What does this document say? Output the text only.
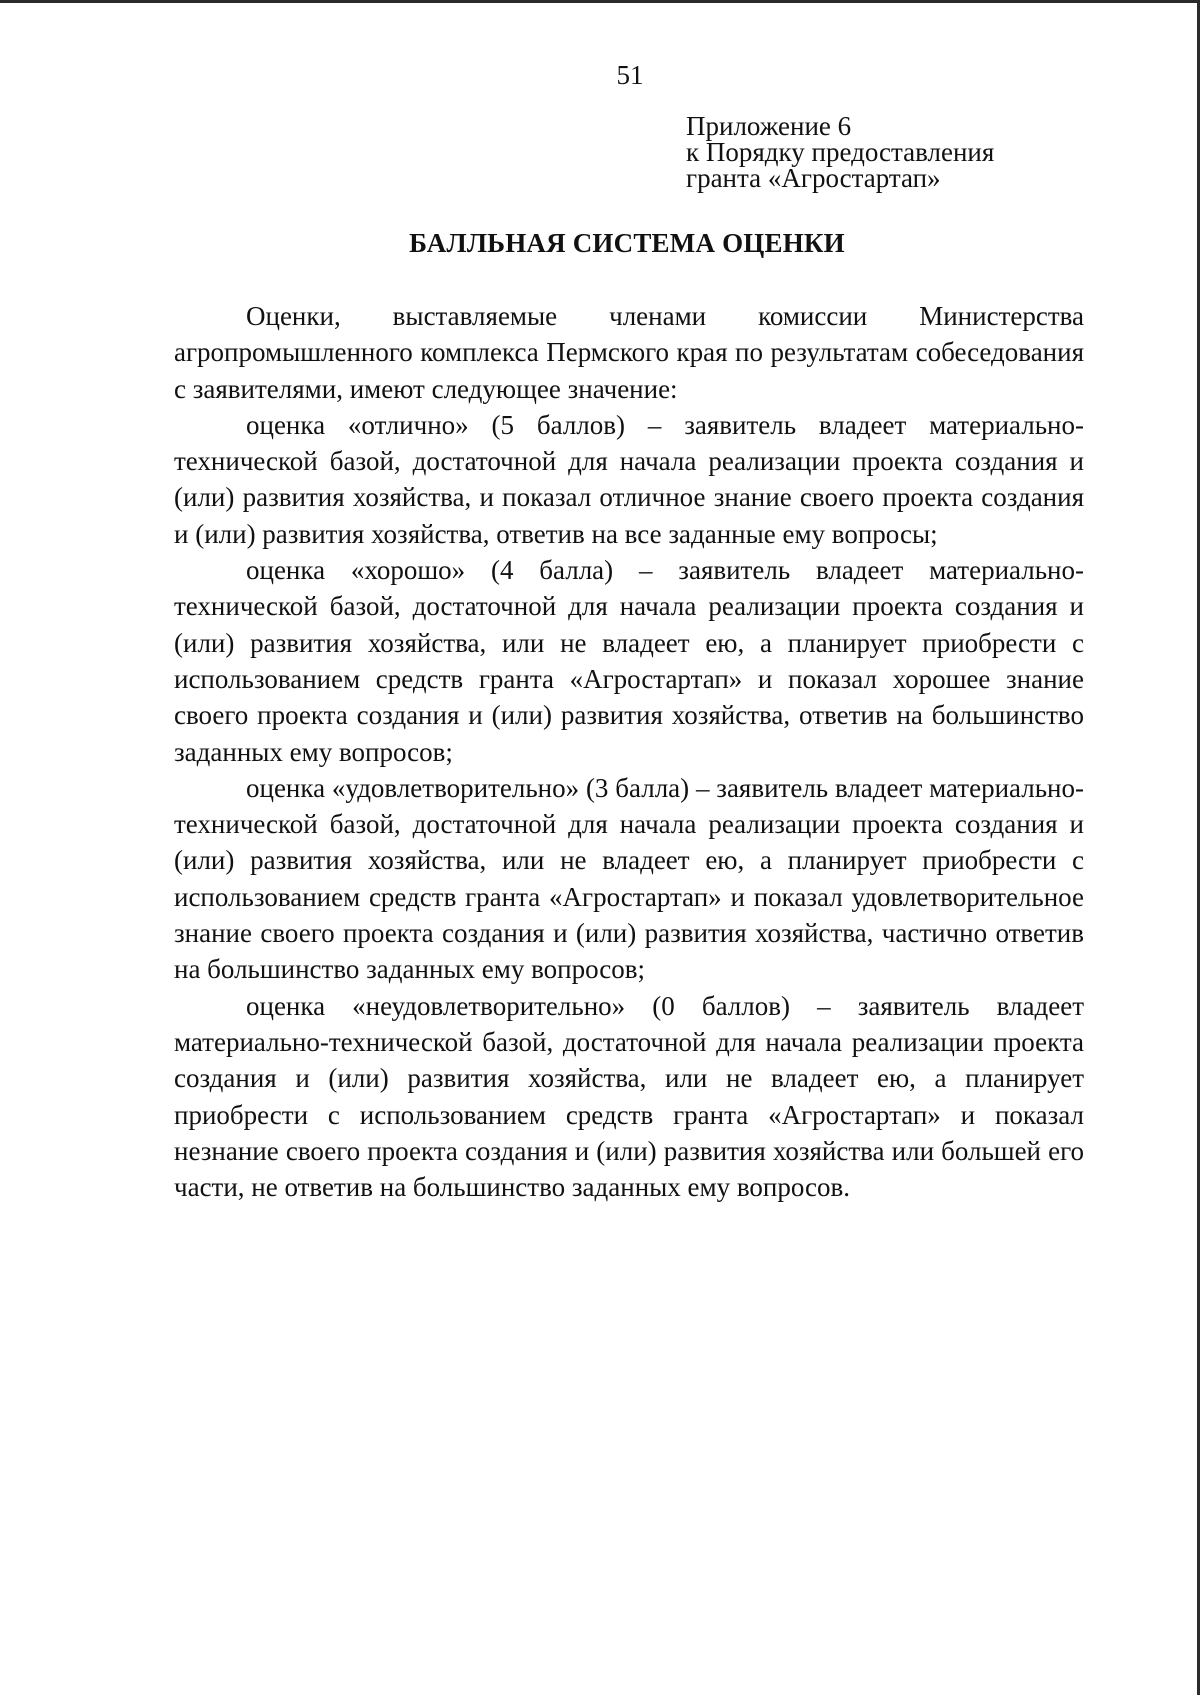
51
Приложение 6
к Порядку предоставления
гранта «Агростартап»
БАЛЛЬНАЯ СИСТЕМА ОЦЕНКИ

Оценки, выставляемые членами комиссии Министерства агропромышленного комплекса Пермского края по результатам собеседования с заявителями, имеют следующее значение:

оценка «отлично» (5 баллов) – заявитель владеет материально-технической базой, достаточной для начала реализации проекта создания и (или) развития хозяйства, и показал отличное знание своего проекта создания и (или) развития хозяйства, ответив на все заданные ему вопросы;

оценка «хорошо» (4 балла) – заявитель владеет материально-технической базой, достаточной для начала реализации проекта создания и (или) развития хозяйства, или не владеет ею, а планирует приобрести с использованием средств гранта «Агростартап» и показал хорошее знание своего проекта создания и (или) развития хозяйства, ответив на большинство заданных ему вопросов;

оценка «удовлетворительно» (3 балла) – заявитель владеет материально-технической базой, достаточной для начала реализации проекта создания и (или) развития хозяйства, или не владеет ею, а планирует приобрести с использованием средств гранта «Агростартап» и показал удовлетворительное знание своего проекта создания и (или) развития хозяйства, частично ответив на большинство заданных ему вопросов;

оценка «неудовлетворительно» (0 баллов) – заявитель владеет материально-технической базой, достаточной для начала реализации проекта создания и (или) развития хозяйства, или не владеет ею, а планирует приобрести с использованием средств гранта «Агростартап» и показал незнание своего проекта создания и (или) развития хозяйства или большей его части, не ответив на большинство заданных ему вопросов.
